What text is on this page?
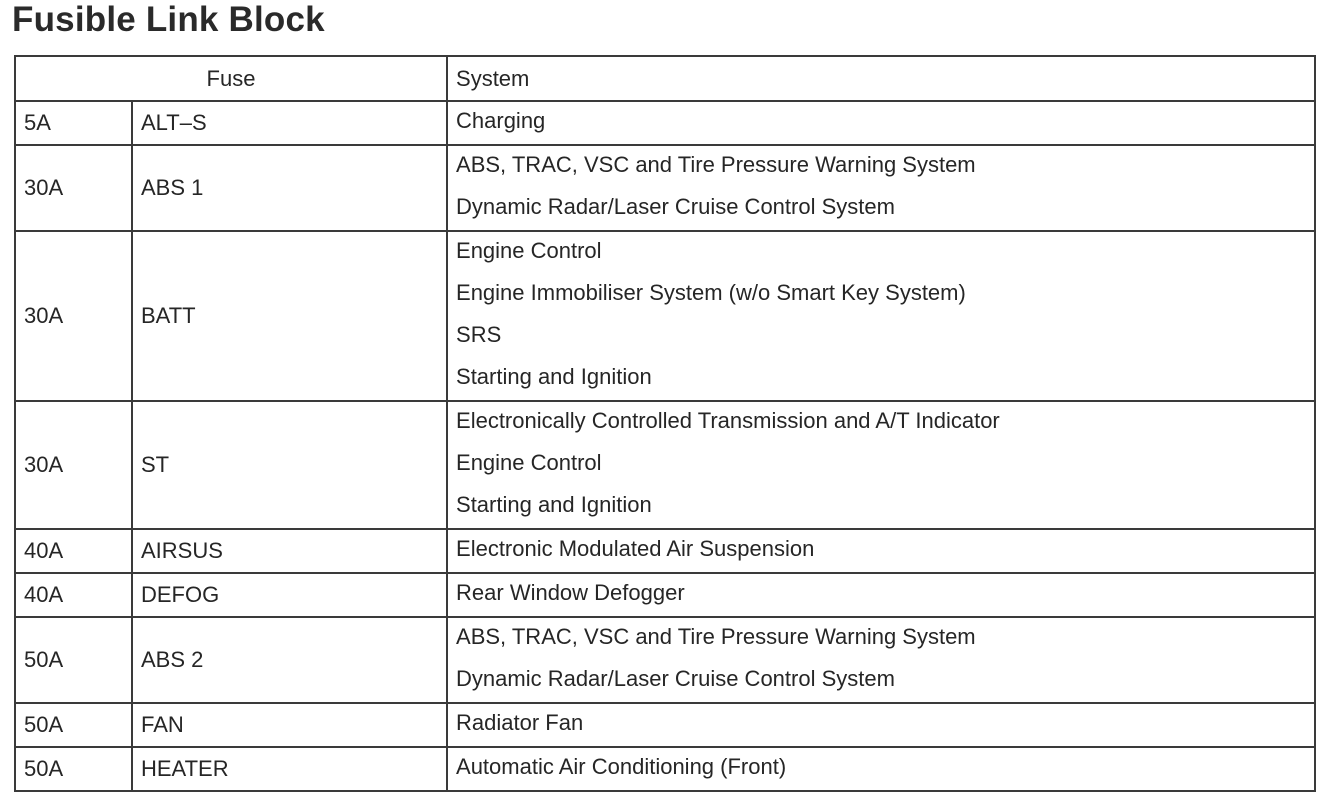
Fusible Link Block
Fuse		System
5A	ALT–S	Charging

30A	ABS 1	ABS, TRAC, VSC and Tire Pressure Warning System
Dynamic Radar/Laser Cruise Control System

30A	BATT	Engine Control
Engine Immobiliser System (w/o Smart Key System)
SRS
Starting and Ignition

30A	ST	Electronically Controlled Transmission and A/T Indicator
Engine Control
Starting and Ignition

40A	AIRSUS	Electronic Modulated Air Suspension

40A	DEFOG	Rear Window Defogger

50A	ABS 2	ABS, TRAC, VSC and Tire Pressure Warning System
Dynamic Radar/Laser Cruise Control System

50A	FAN	Radiator Fan

50A	HEATER	Automatic Air Conditioning (Front)
